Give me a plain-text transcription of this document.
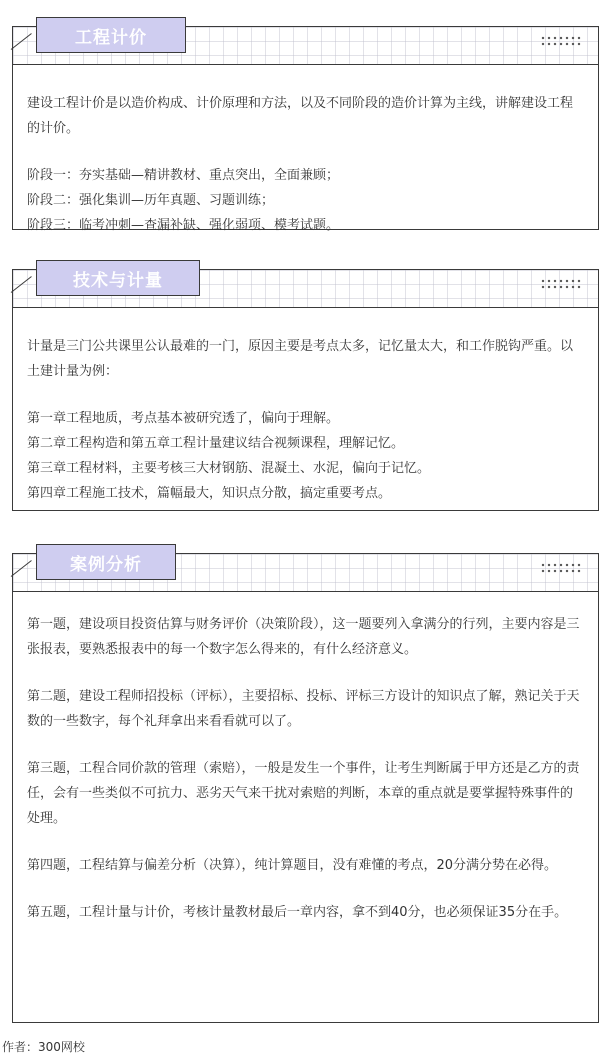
工程计价

建设工程计价是以造价构成、计价原理和方法，以及不同阶段的造价计算为主线，讲解建设工程的计价。

阶段一：夯实基础—精讲教材、重点突出，全面兼顾；

阶段二：强化集训—历年真题、习题训练；

阶段三：临考冲刺—查漏补缺、强化弱项、模考试题。

技术与计量

计量是三门公共课里公认最难的一门，原因主要是考点太多，记忆量太大，和工作脱钩严重。以土建计量为例：

第一章工程地质，考点基本被研究透了，偏向于理解。

第二章工程构造和第五章工程计量建议结合视频课程，理解记忆。

第三章工程材料，主要考核三大材钢筋、混凝土、水泥，偏向于记忆。

第四章工程施工技术，篇幅最大，知识点分散，搞定重要考点。

案例分析

第一题，建设项目投资估算与财务评价（决策阶段），这一题要列入拿满分的行列，主要内容是三张报表，要熟悉报表中的每一个数字怎么得来的，有什么经济意义。

第二题，建设工程师招投标（评标），主要招标、投标、评标三方设计的知识点了解，熟记关于天数的一些数字，每个礼拜拿出来看看就可以了。

第三题，工程合同价款的管理（索赔），一般是发生一个事件，让考生判断属于甲方还是乙方的责任，会有一些类似不可抗力、恶劣天气来干扰对索赔的判断，本章的重点就是要掌握特殊事件的处理。

第四题，工程结算与偏差分析（决算），纯计算题目，没有难懂的考点，20分满分势在必得。

第五题，工程计量与计价，考核计量教材最后一章内容，拿不到40分，也必须保证35分在手。

作者：300网校
